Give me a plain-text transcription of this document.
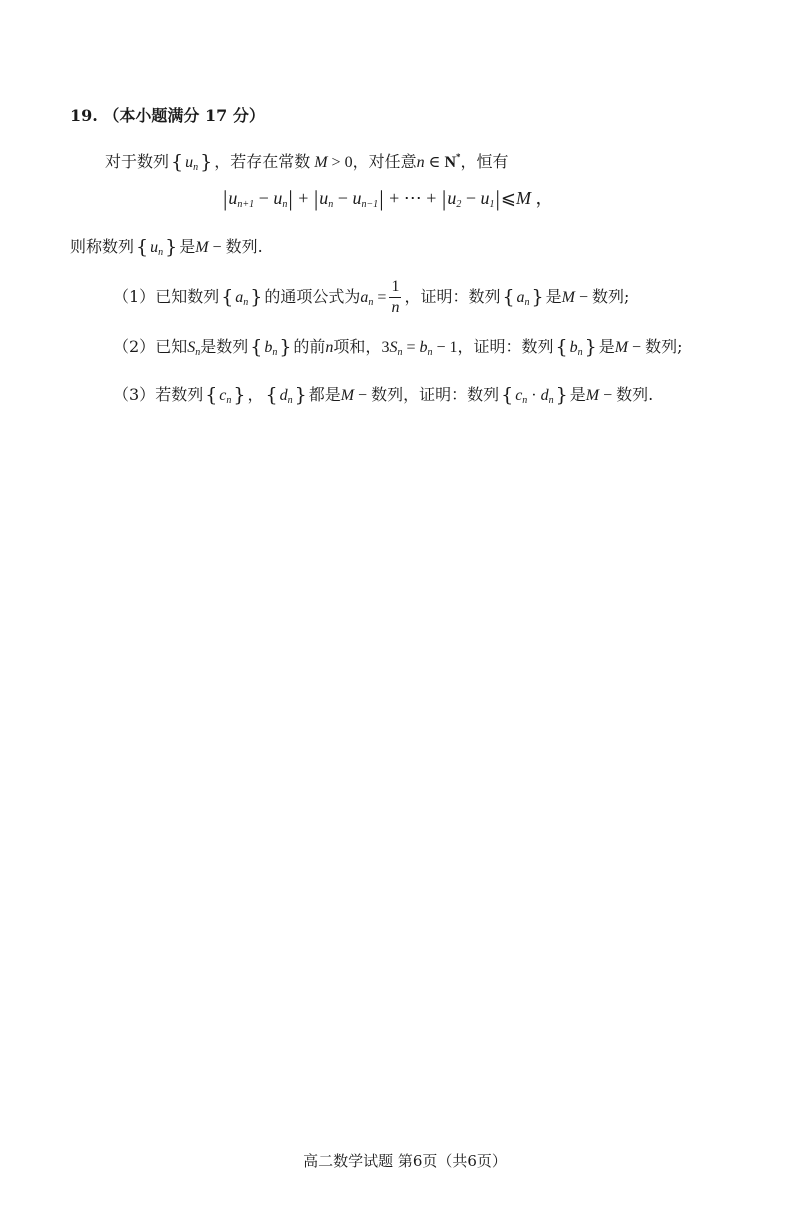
19. （本小题满分 17 分）
对于数列 { $u_n$ } ，若存在常数 M > 0，对任意n ∈ N*，恒有
$|u_{n+1} - u_n| + |u_n - u_{n-1}|$ + ⋯ + $|u_2$ − $u_1|⩽M$ ，
则称数列 { $u_n$ } 是M − 数列.
（1）已知数列 { $a_n$ } 的通项公式为$a_n = \frac{1}{n}$ ，证明：数列 { $a_n$ } 是M − 数列;
（2）已知$S_n$是数列 { $b_n$ } 的前n项和，$3S_n = b_n - 1$，证明：数列 { $b_n$ } 是M − 数列;
（3）若数列 { $c_n$ } ， { $d_n$ } 都是M − 数列，证明：数列 { $c_n \cdot d_n$ } 是M − 数列.
高二数学试题 第6页（共6页）
